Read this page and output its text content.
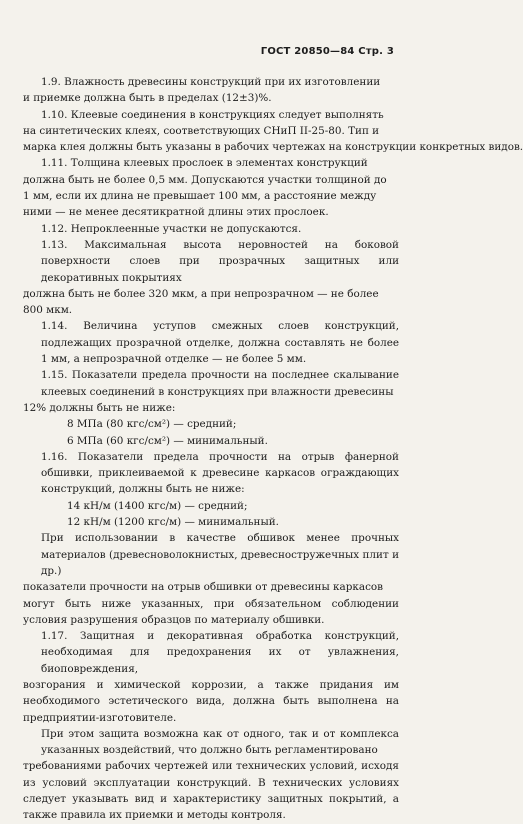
ГОСТ 20850—84 Стр. 3

1.9. Влажность древесины конструкций при их изготовлении
и приемке должна быть в пределах (12±3)%.

1.10. Клеевые соединения в конструкциях следует выполнять
на синтетических клеях, соответствующих СНиП II-25-80. Тип и
марка клея должны быть указаны в рабочих чертежах на конструкции конкретных видов.

1.11. Толщина клеевых прослоек в элементах конструкций
должна быть не более 0,5 мм. Допускаются участки толщиной до
1 мм, если их длина не превышает 100 мм, а расстояние между
ними — не менее десятикратной длины этих прослоек.

1.12. Непроклеенные участки не допускаются.

1.13. Максимальная высота неровностей на боковой поверхности слоев при прозрачных защитных или декоративных покрытиях
должна быть не более 320 мкм, а при непрозрачном — не более
800 мкм.

1.14. Величина уступов смежных слоев конструкций, подлежащих прозрачной отделке, должна составлять не более 1 мм, а непрозрачной отделке — не более 5 мм.

1.15. Показатели предела прочности на последнее скалывание клеевых соединений в конструкциях при влажности древесины
12% должны быть не ниже:

8 МПа (80 кгс/см²) — средний;
6 МПа (60 кгс/см²) — минимальный.

1.16. Показатели предела прочности на отрыв фанерной обшивки, приклеиваемой к древесине каркасов ограждающих конструкций, должны быть не ниже:

14 кН/м (1400 кгс/м) — средний;
12 кН/м (1200 кгс/м) — минимальный.

При использовании в качестве обшивок менее прочных материалов (древесноволокнистых, древесностружечных плит и др.)
показатели прочности на отрыв обшивки от древесины каркасов
могут быть ниже указанных, при обязательном соблюдении условия разрушения образцов по материалу обшивки.

1.17. Защитная и декоративная обработка конструкций, необходимая для предохранения их от увлажнения, биоповреждения,
возгорания и химической коррозии, а также придания им необходимого эстетического вида, должна быть выполнена на предприятии-изготовителе.

При этом защита возможна как от одного, так и от комплекса указанных воздействий, что должно быть регламентировано
требованиями рабочих чертежей или технических условий, исходя из условий эксплуатации конструкций. В технических условиях следует указывать вид и характеристику защитных покрытий, а также правила их приемки и методы контроля.
